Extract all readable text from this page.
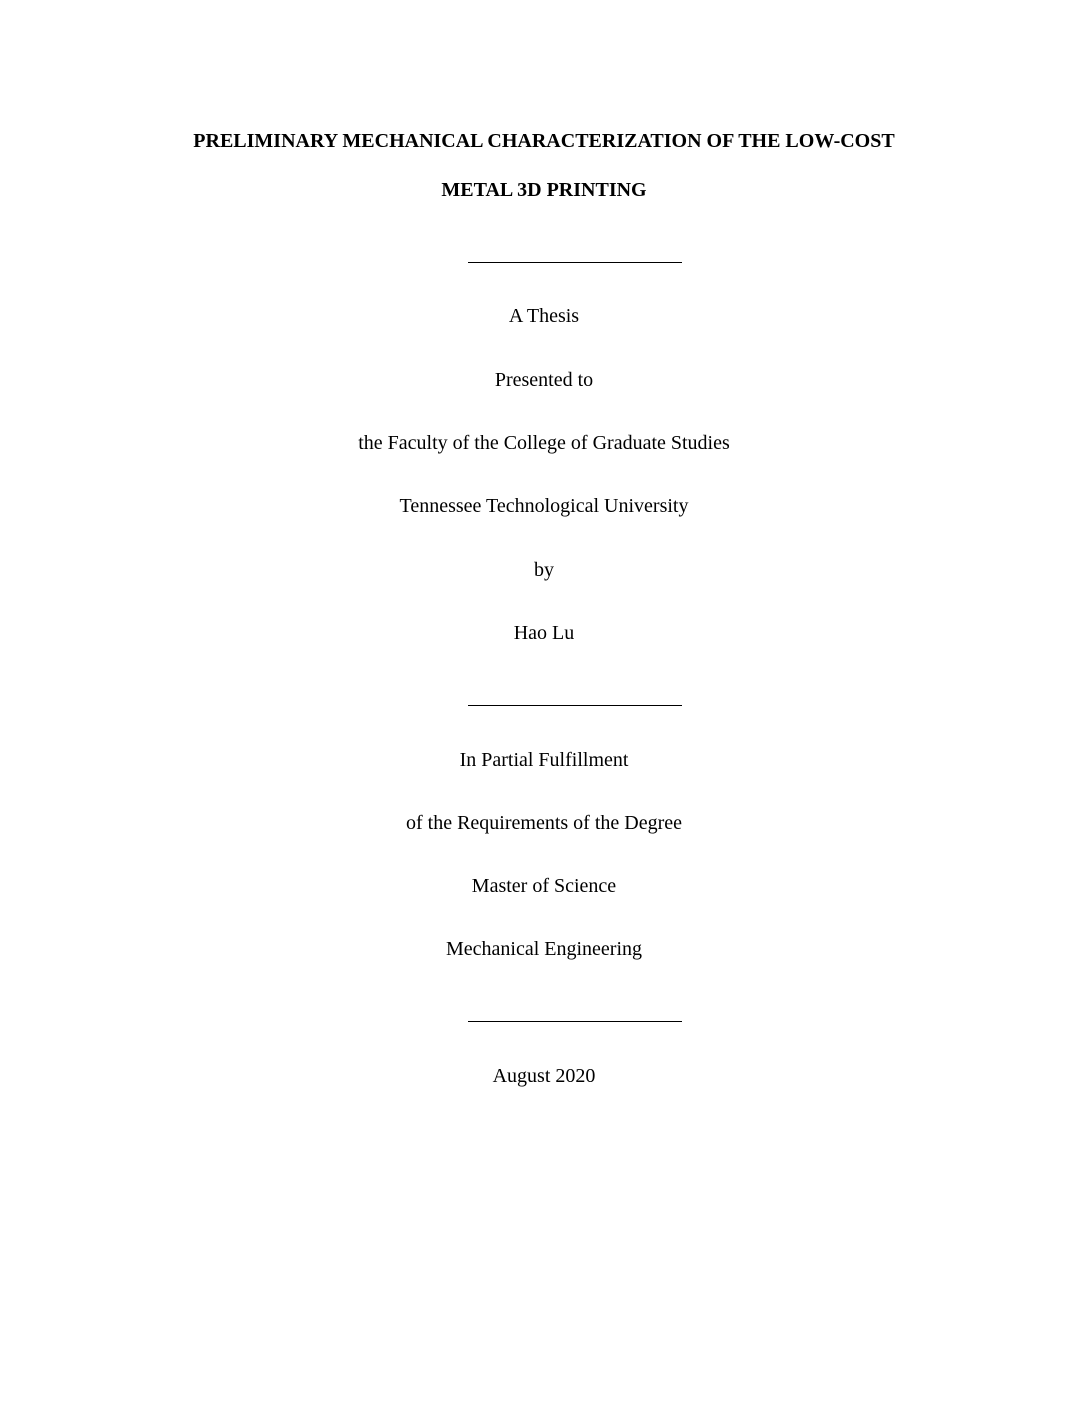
PRELIMINARY MECHANICAL CHARACTERIZATION OF THE LOW-COST
METAL 3D PRINTING
A Thesis
Presented to
the Faculty of the College of Graduate Studies
Tennessee Technological University
by
Hao Lu
In Partial Fulfillment
of the Requirements of the Degree
Master of Science
Mechanical Engineering
August 2020
